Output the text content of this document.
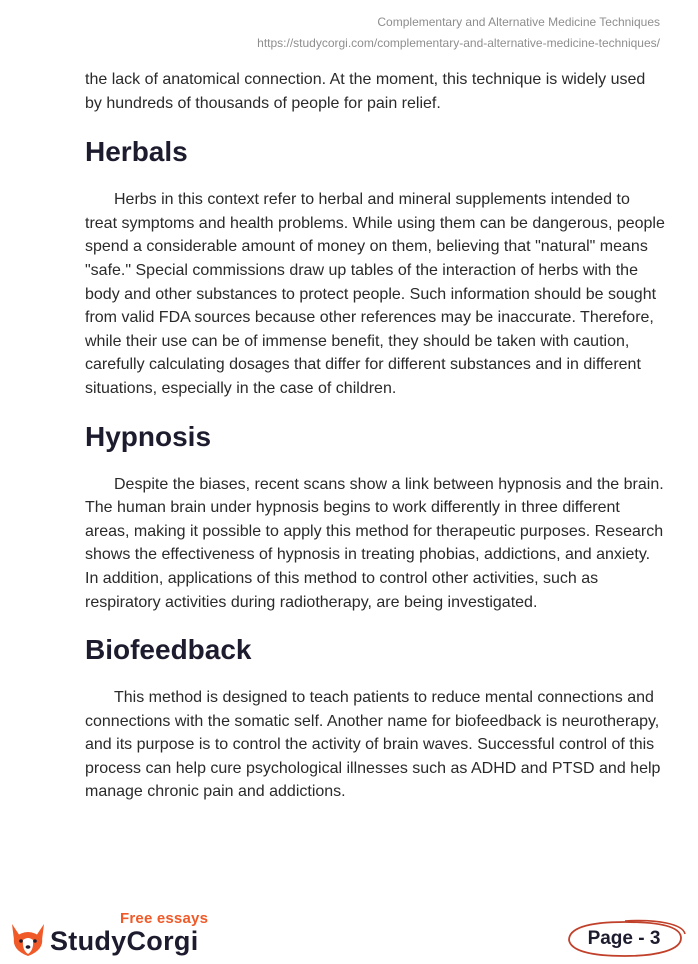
Complementary and Alternative Medicine Techniques
https://studycorgi.com/complementary-and-alternative-medicine-techniques/

the lack of anatomical connection. At the moment, this technique is widely used by hundreds of thousands of people for pain relief.

Herbals

Herbs in this context refer to herbal and mineral supplements intended to treat symptoms and health problems. While using them can be dangerous, people spend a considerable amount of money on them, believing that "natural" means "safe." Special commissions draw up tables of the interaction of herbs with the body and other substances to protect people. Such information should be sought from valid FDA sources because other references may be inaccurate. Therefore, while their use can be of immense benefit, they should be taken with caution, carefully calculating dosages that differ for different substances and in different situations, especially in the case of children.

Hypnosis

Despite the biases, recent scans show a link between hypnosis and the brain. The human brain under hypnosis begins to work differently in three different areas, making it possible to apply this method for therapeutic purposes. Research shows the effectiveness of hypnosis in treating phobias, addictions, and anxiety. In addition, applications of this method to control other activities, such as respiratory activities during radiotherapy, are being investigated.

Biofeedback

This method is designed to teach patients to reduce mental connections and connections with the somatic self. Another name for biofeedback is neurotherapy, and its purpose is to control the activity of brain waves. Successful control of this process can help cure psychological illnesses such as ADHD and PTSD and help manage chronic pain and addictions.

Free essays
StudyCorgi	Page - 3
